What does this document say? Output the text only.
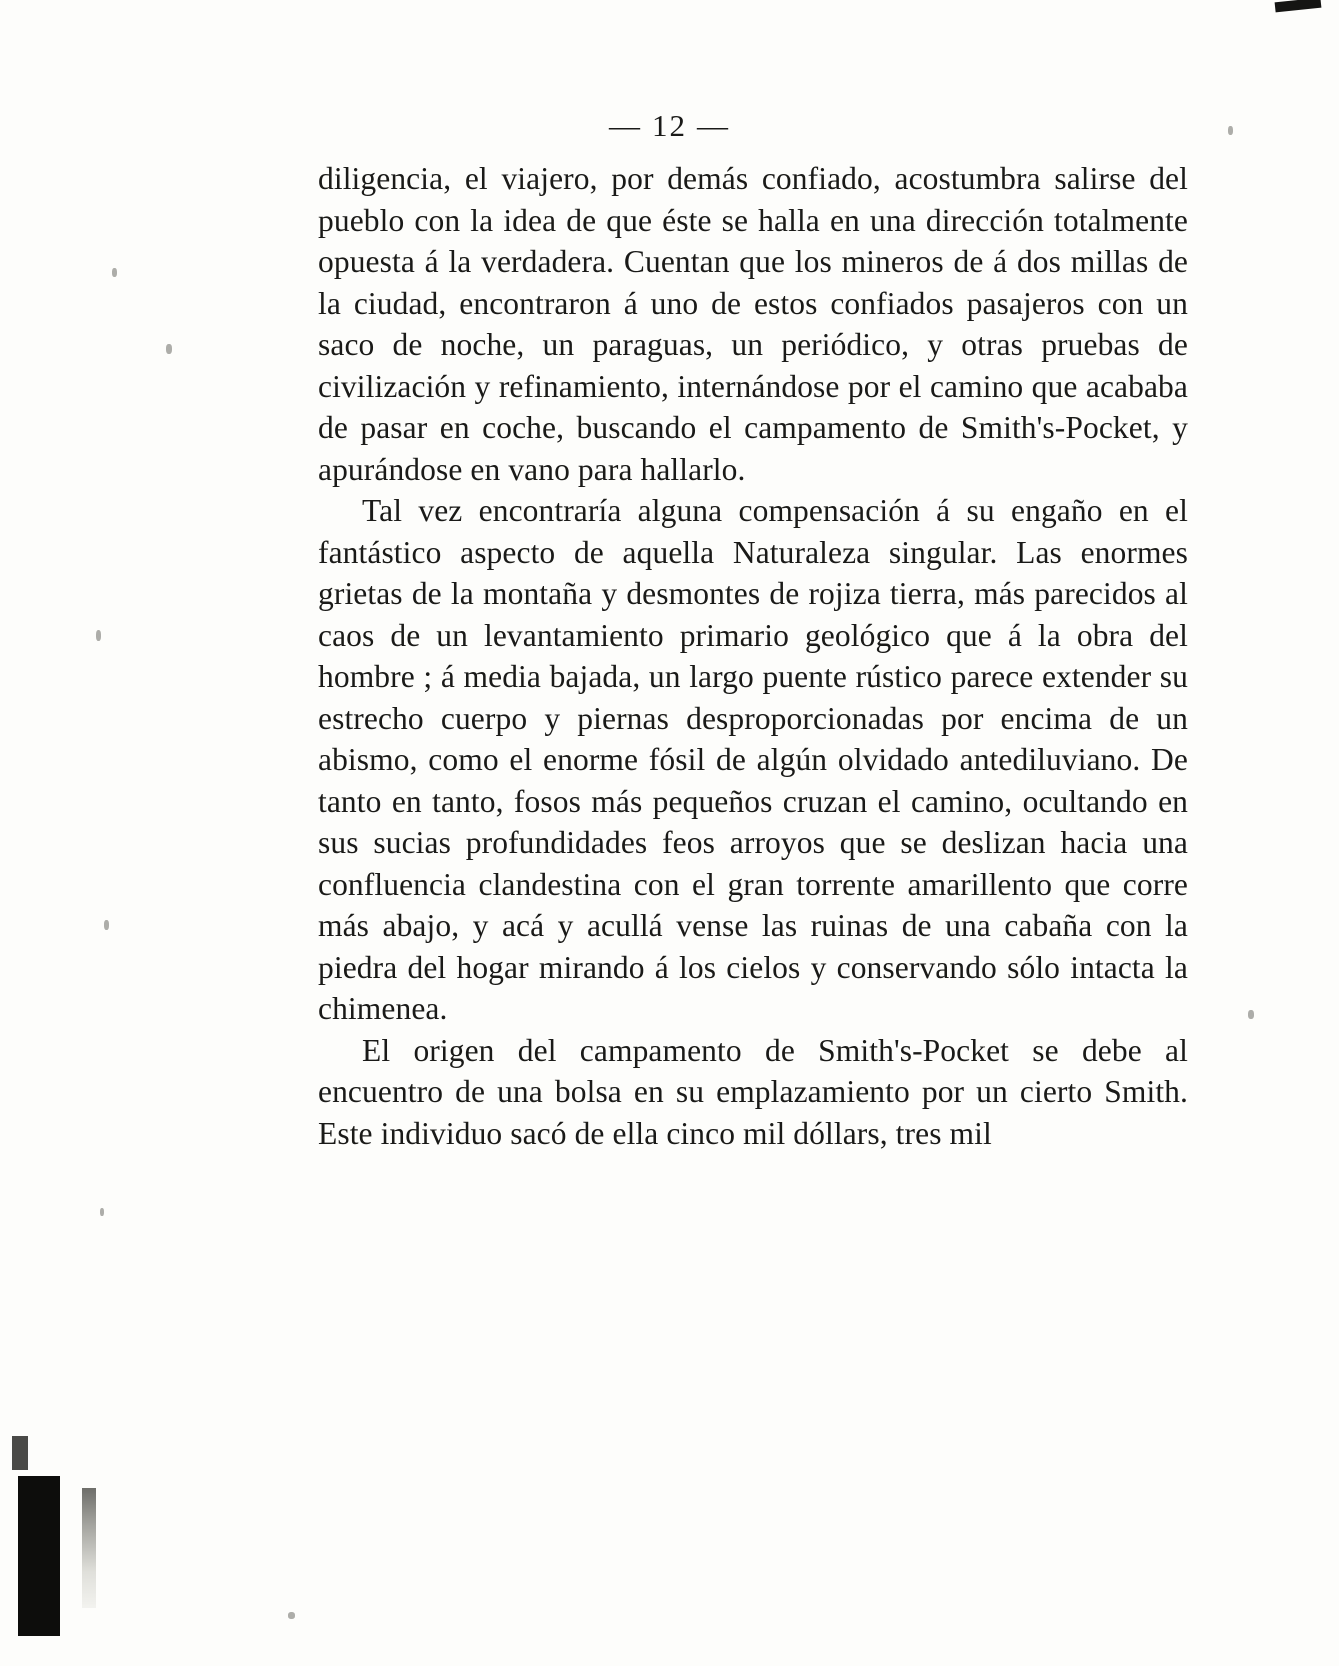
— 12 —

diligencia, el viajero, por demás confiado, acostumbra salirse del pueblo con la idea de que éste se halla en una dirección totalmente opuesta á la verdadera. Cuentan que los mineros de á dos millas de la ciudad, encontraron á uno de estos confiados pasajeros con un saco de noche, un paraguas, un periódico, y otras pruebas de civilización y refinamiento, internándose por el camino que acababa de pasar en coche, buscando el campamento de Smith's-Pocket, y apurándose en vano para hallarlo.

Tal vez encontraría alguna compensación á su engaño en el fantástico aspecto de aquella Naturaleza singular. Las enormes grietas de la montaña y desmontes de rojiza tierra, más parecidos al caos de un levantamiento primario geológico que á la obra del hombre ; á media bajada, un largo puente rústico parece extender su estrecho cuerpo y piernas desproporcionadas por encima de un abismo, como el enorme fósil de algún olvidado antediluviano. De tanto en tanto, fosos más pequeños cruzan el camino, ocultando en sus sucias profundidades feos arroyos que se deslizan hacia una confluencia clandestina con el gran torrente amarillento que corre más abajo, y acá y acullá vense las ruinas de una cabaña con la piedra del hogar mirando á los cielos y conservando sólo intacta la chimenea.

El origen del campamento de Smith's-Pocket se debe al encuentro de una bolsa en su emplazamiento por un cierto Smith. Este individuo sacó de ella cinco mil dóllars, tres mil
